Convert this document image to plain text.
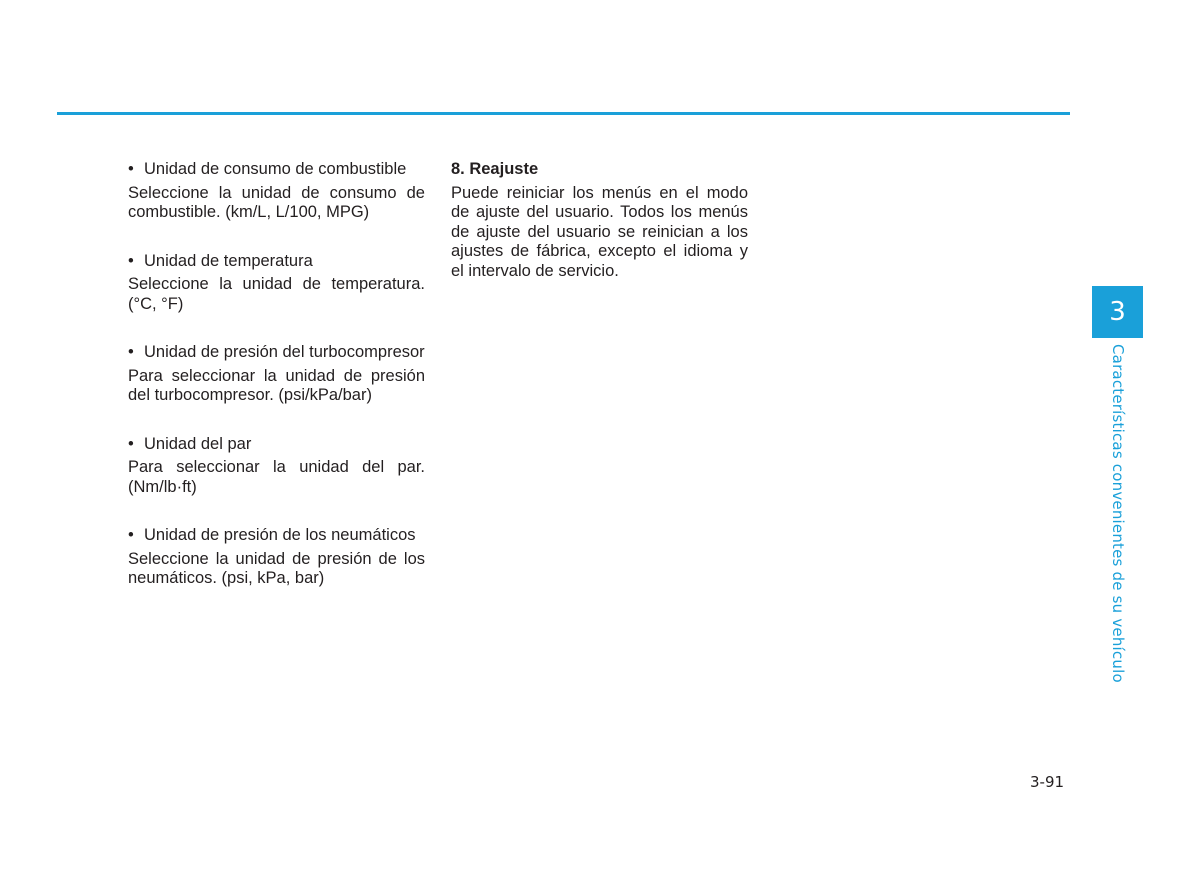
• Unidad de consumo de combustible
Seleccione la unidad de consumo de combustible. (km/L, L/100, MPG)
• Unidad de temperatura
Seleccione la unidad de temperatura. (°C, °F)
• Unidad de presión del turbocompresor
Para seleccionar la unidad de presión del turbocompresor. (psi/kPa/bar)
• Unidad del par
Para seleccionar la unidad del par. (Nm/lb·ft)
• Unidad de presión de los neumáticos
Seleccione la unidad de presión de los neumáticos. (psi, kPa, bar)
8. Reajuste
Puede reiniciar los menús en el modo de ajuste del usuario. Todos los menús de ajuste del usuario se reinician a los ajustes de fábrica, excepto el idioma y el intervalo de servicio.
3
Características convenientes de su vehículo
3-91
